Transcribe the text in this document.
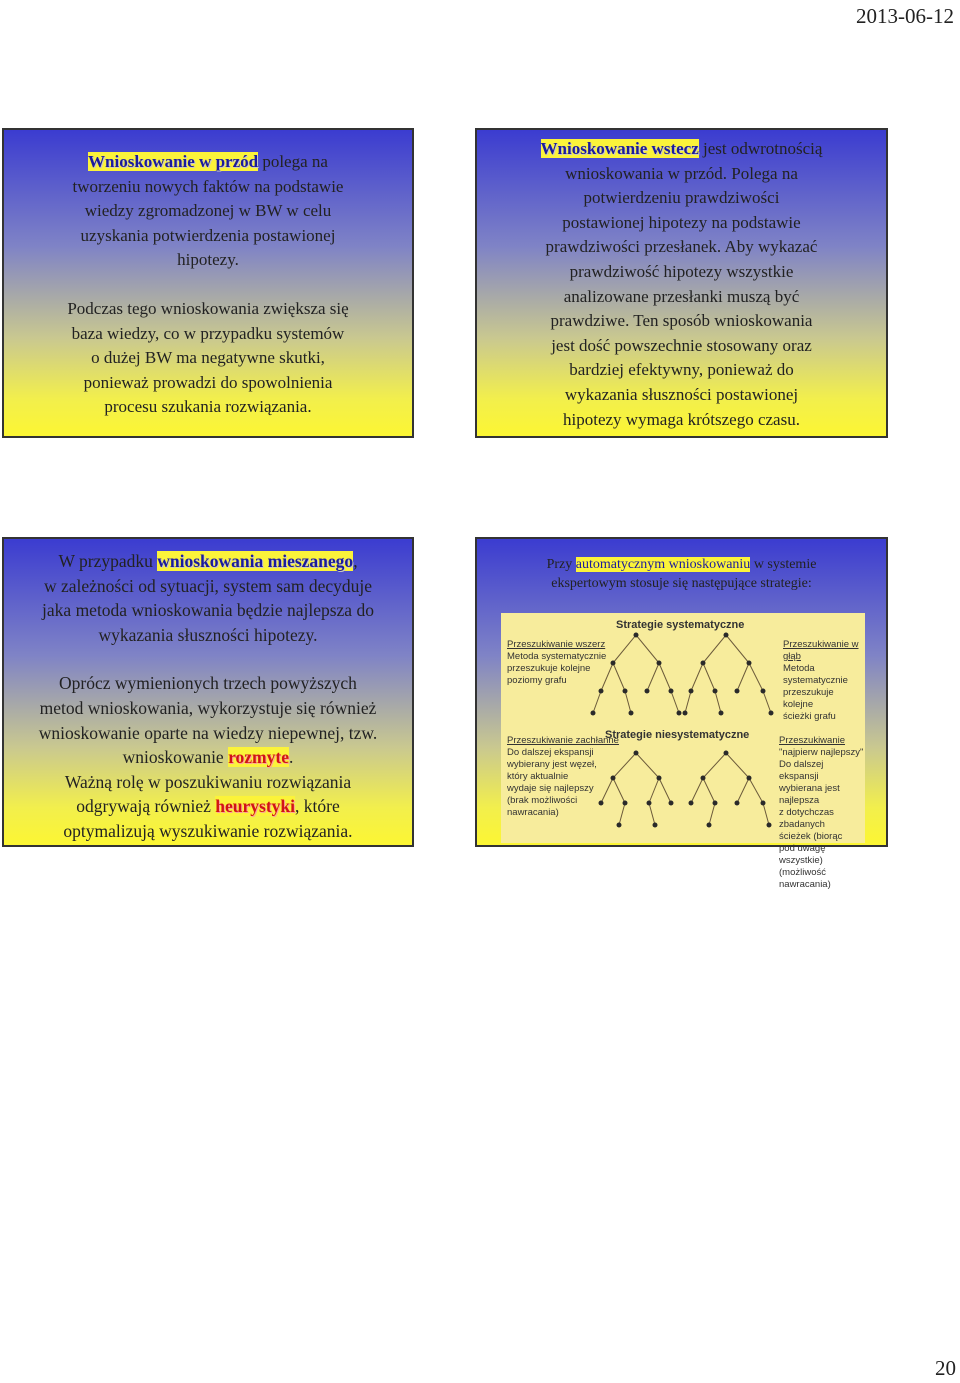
2013-06-12

Wnioskowanie w przód polega na

tworzeniu nowych faktów na podstawie

wiedzy zgromadzonej w BW w celu

uzyskania potwierdzenia postawionej

hipotezy.

Podczas tego wnioskowania zwiększa się

baza wiedzy, co w przypadku systemów

o dużej BW ma negatywne skutki,

ponieważ prowadzi do spowolnienia

procesu szukania rozwiązania.

Wnioskowanie wstecz jest odwrotnością

wnioskowania w przód. Polega na

potwierdzeniu prawdziwości

postawionej hipotezy na podstawie

prawdziwości przesłanek. Aby wykazać

prawdziwość hipotezy wszystkie

analizowane przesłanki muszą być

prawdziwe. Ten sposób wnioskowania

jest dość powszechnie stosowany oraz

bardziej efektywny, ponieważ do

wykazania słuszności postawionej

hipotezy wymaga krótszego czasu.

W przypadku wnioskowania mieszanego,

w zależności od sytuacji, system sam decyduje

jaka metoda wnioskowania będzie najlepsza do

wykazania słuszności hipotezy.

Oprócz wymienionych trzech powyższych

metod wnioskowania, wykorzystuje się również

wnioskowanie oparte na wiedzy niepewnej, tzw.

wnioskowanie rozmyte.

Ważną rolę w poszukiwaniu rozwiązania

odgrywają również heurystyki, które

optymalizują wyszukiwanie rozwiązania.

Przy automatycznym wnioskowaniu w systemie

ekspertowym stosuje się następujące strategie:

Strategie systematyczne
Strategie niesystematyczne
Przeszukiwanie wszerz
Metoda systematycznie
przeszukuje kolejne
poziomy grafu
Przeszukiwanie w głąb
Metoda systematycznie
przeszukuje kolejne
ścieżki grafu
Przeszukiwanie zachłanne
Do dalszej ekspansji
wybierany jest węzeł,
który aktualnie
wydaje się najlepszy
(brak możliwości
nawracania)
Przeszukiwanie
"najpierw najlepszy"
Do dalszej ekspansji
wybierana jest najlepsza
z dotychczas zbadanych
ścieżek (biorąc
pod uwagę wszystkie)
(możliwość nawracania)
20
